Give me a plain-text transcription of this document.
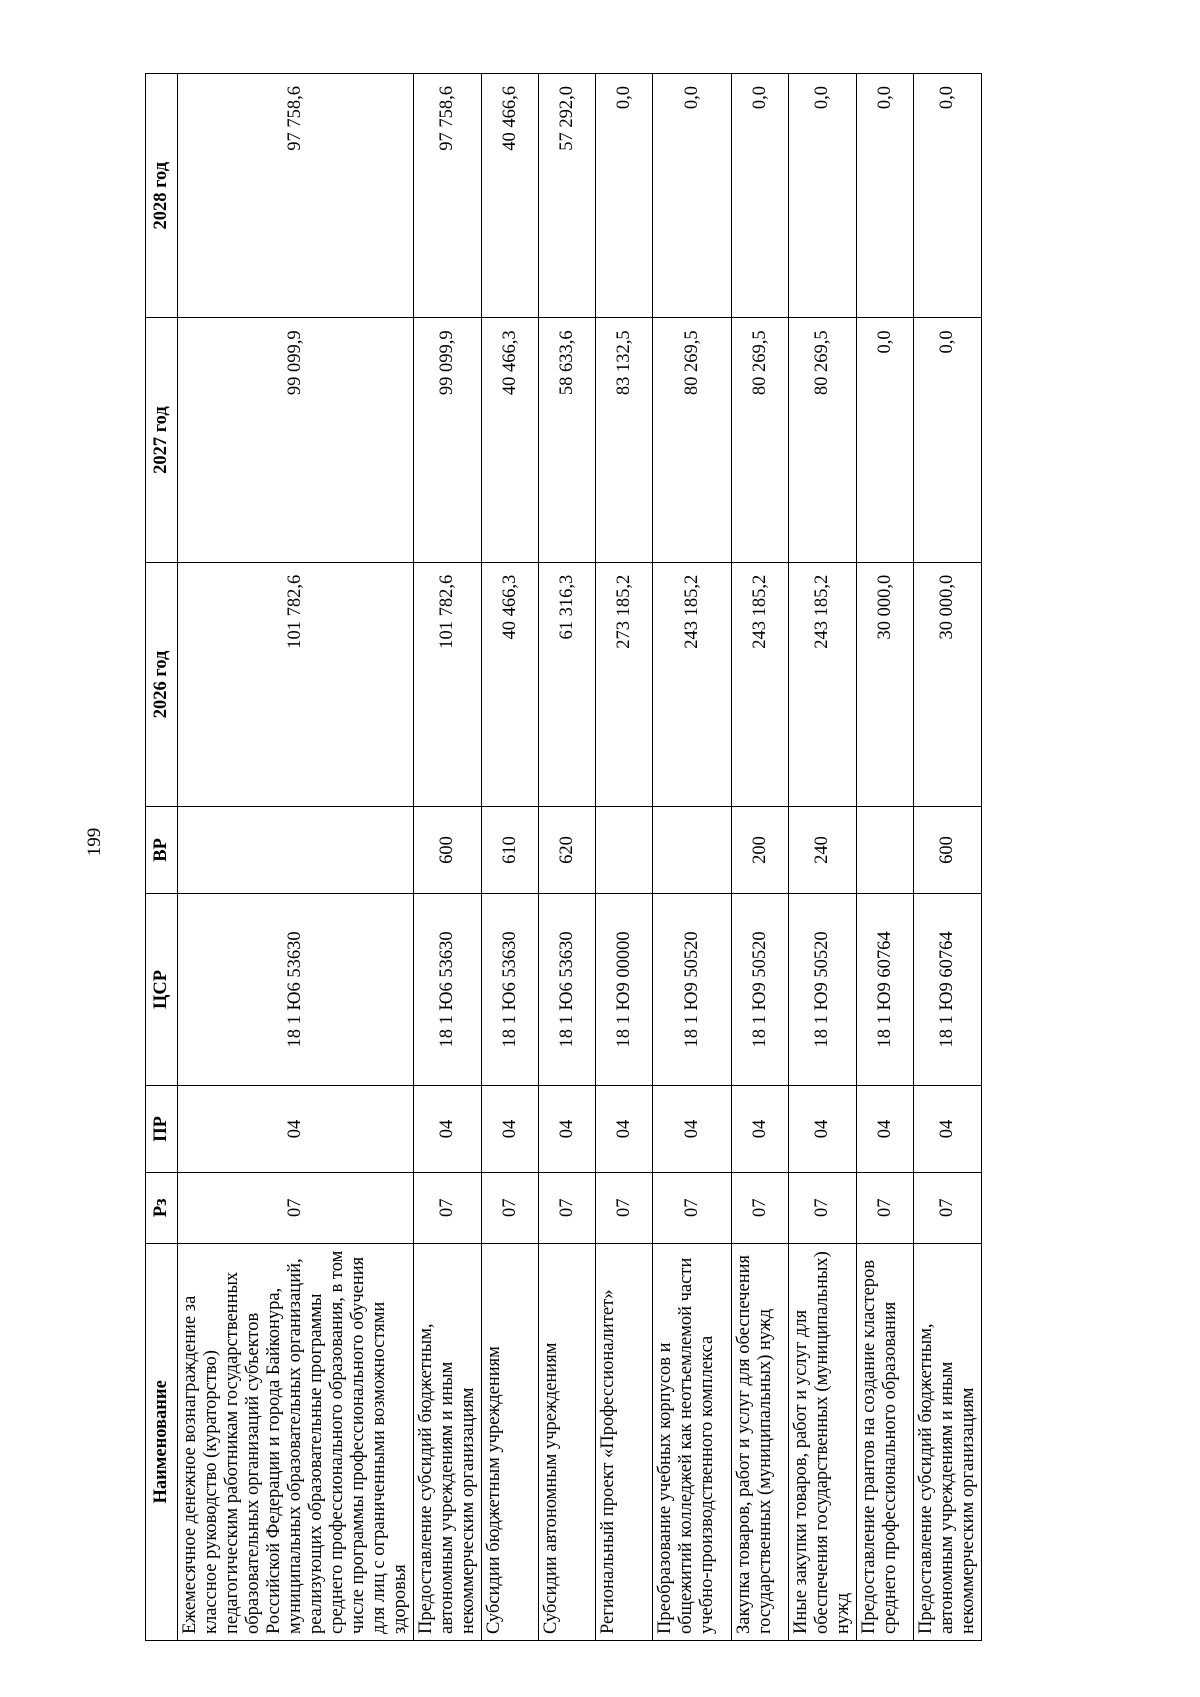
199
Наименование	Рз	ПР	ЦСР	ВР	2026 год	2027 год	2028 год
Ежемесячное денежное вознаграждение за классное руководство (кураторство) педагогическим работникам государственных образовательных организаций субъектов Российской Федерации и города Байконура, муниципальных образовательных организаций, реализующих образовательные программы среднего профессионального образования, в том числе программы профессионального обучения для лиц с ограниченными возможностями здоровья	07	04	18 1 Ю6 53630		101 782,6	99 099,9	97 758,6
Предоставление субсидий бюджетным, автономным учреждениям и иным некоммерческим организациям	07	04	18 1 Ю6 53630	600	101 782,6	99 099,9	97 758,6
Субсидии бюджетным учреждениям	07	04	18 1 Ю6 53630	610	40 466,3	40 466,3	40 466,6
Субсидии автономным учреждениям	07	04	18 1 Ю6 53630	620	61 316,3	58 633,6	57 292,0
Региональный проект «Профессионалитет»	07	04	18 1 Ю9 00000		273 185,2	83 132,5	0,0
Преобразование учебных корпусов и общежитий колледжей как неотъемлемой части учебно-производственного комплекса	07	04	18 1 Ю9 50520		243 185,2	80 269,5	0,0
Закупка товаров, работ и услуг для обеспечения государственных (муниципальных) нужд	07	04	18 1 Ю9 50520	200	243 185,2	80 269,5	0,0
Иные закупки товаров, работ и услуг для обеспечения государственных (муниципальных) нужд	07	04	18 1 Ю9 50520	240	243 185,2	80 269,5	0,0
Предоставление грантов на создание кластеров среднего профессионального образования	07	04	18 1 Ю9 60764		30 000,0	0,0	0,0
Предоставление субсидий бюджетным, автономным учреждениям и иным некоммерческим организациям	07	04	18 1 Ю9 60764	600	30 000,0	0,0	0,0
